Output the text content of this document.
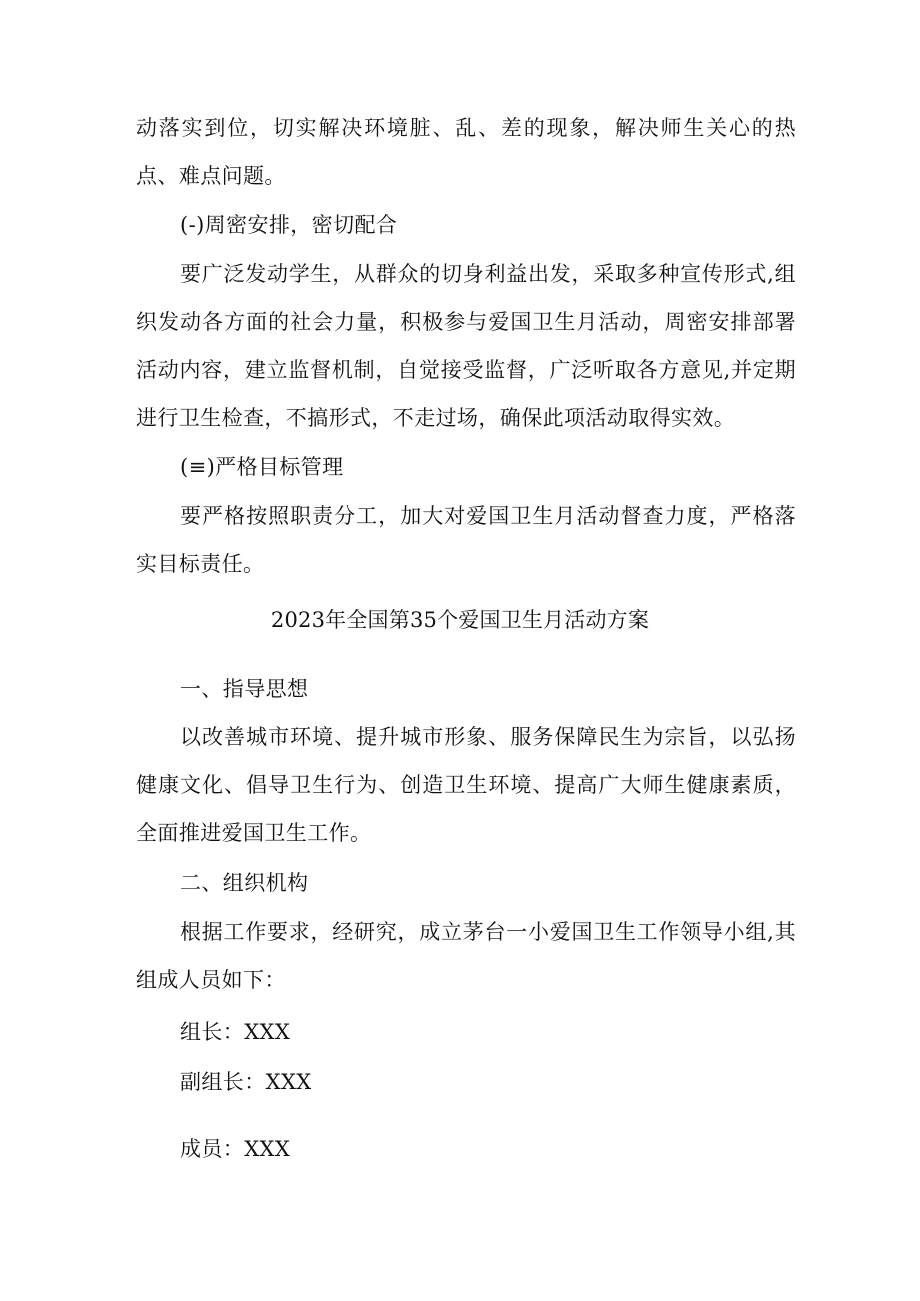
动落实到位，切实解决环境脏、乱、差的现象，解决师生关心的热点、难点问题。

(-)周密安排，密切配合

要广泛发动学生，从群众的切身利益出发，采取多种宣传形式,组织发动各方面的社会力量，积极参与爱国卫生月活动，周密安排部署活动内容，建立监督机制，自觉接受监督，广泛听取各方意见,并定期进行卫生检查，不搞形式，不走过场，确保此项活动取得实效。

(≡)严格目标管理

要严格按照职责分工，加大对爱国卫生月活动督查力度，严格落实目标责任。

2023年全国第35个爱国卫生月活动方案

一、指导思想

以改善城市环境、提升城市形象、服务保障民生为宗旨，以弘扬健康文化、倡导卫生行为、创造卫生环境、提高广大师生健康素质，全面推进爱国卫生工作。

二、组织机构

根据工作要求，经研究，成立茅台一小爱国卫生工作领导小组,其组成人员如下：

组长：XXX

副组长：XXX

成员：XXX
